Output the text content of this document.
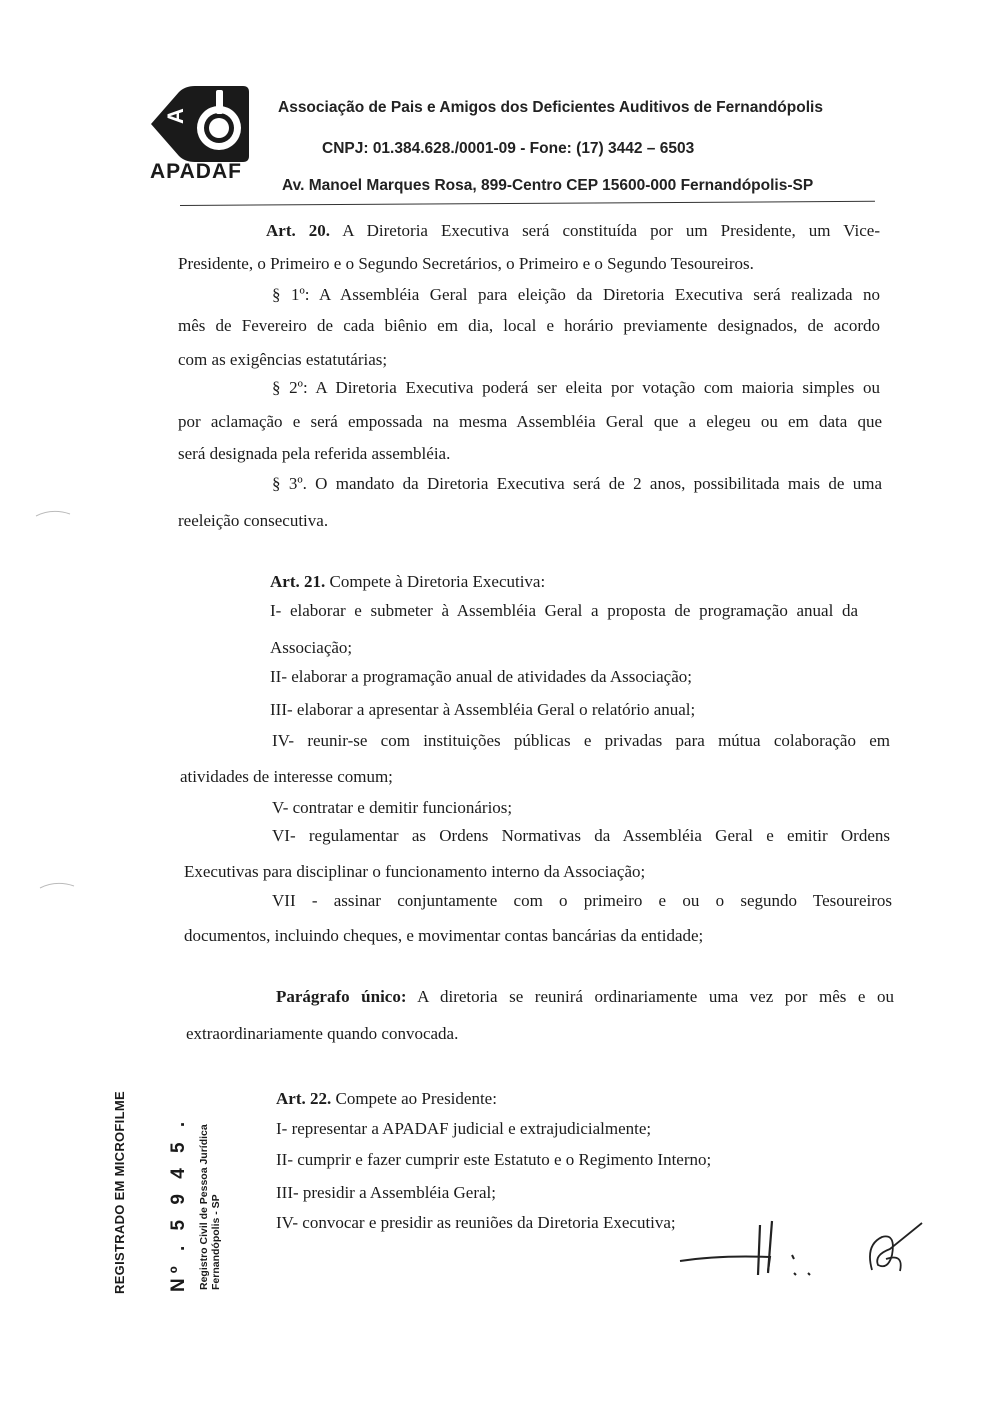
A
APADAF
Associação de Pais e Amigos dos Deficientes Auditivos de Fernandópolis
CNPJ: 01.384.628./0001-09 - Fone: (17) 3442 – 6503
Av. Manoel Marques Rosa, 899-Centro CEP 15600-000 Fernandópolis-SP
Art. 20. A Diretoria Executiva será constituída por um Presidente, um Vice-
Presidente, o Primeiro e o Segundo Secretários, o Primeiro e o Segundo Tesoureiros.
§ 1º: A Assembléia Geral para eleição da Diretoria Executiva será realizada no
mês de Fevereiro de cada biênio em dia, local e horário previamente designados, de acordo
com as exigências estatutárias;
§ 2º: A Diretoria Executiva poderá ser eleita por votação com maioria simples ou
por aclamação e será empossada na mesma Assembléia Geral que a elegeu ou em data que
será designada pela referida assembléia.
§ 3º. O mandato da Diretoria Executiva será de 2 anos, possibilitada mais de uma
reeleição consecutiva.
Art. 21. Compete à Diretoria Executiva:
I- elaborar e submeter à Assembléia Geral a proposta de programação anual da
Associação;
II- elaborar a programação anual de atividades da Associação;
III- elaborar a apresentar à Assembléia Geral o relatório anual;
IV- reunir-se com instituições públicas e privadas para mútua colaboração em
atividades de interesse comum;
V- contratar e demitir funcionários;
VI- regulamentar as Ordens Normativas da Assembléia Geral e emitir Ordens
Executivas para disciplinar o funcionamento interno da Associação;
VII - assinar conjuntamente com o primeiro e ou o segundo Tesoureiros
documentos, incluindo cheques, e movimentar contas bancárias da entidade;
Parágrafo único: A diretoria se reunirá ordinariamente uma vez por mês e ou
extraordinariamente quando convocada.
Art. 22. Compete ao Presidente:
I- representar a APADAF judicial e extrajudicialmente;
II- cumprir e fazer cumprir este Estatuto e o Regimento Interno;
III- presidir a Assembléia Geral;
IV- convocar e presidir as reuniões da Diretoria Executiva;
REGISTRADO EM MICROFILME Nº . 5 9 4 5 . Registro Civil de Pessoa Jurídica Fernandópolis - SP
